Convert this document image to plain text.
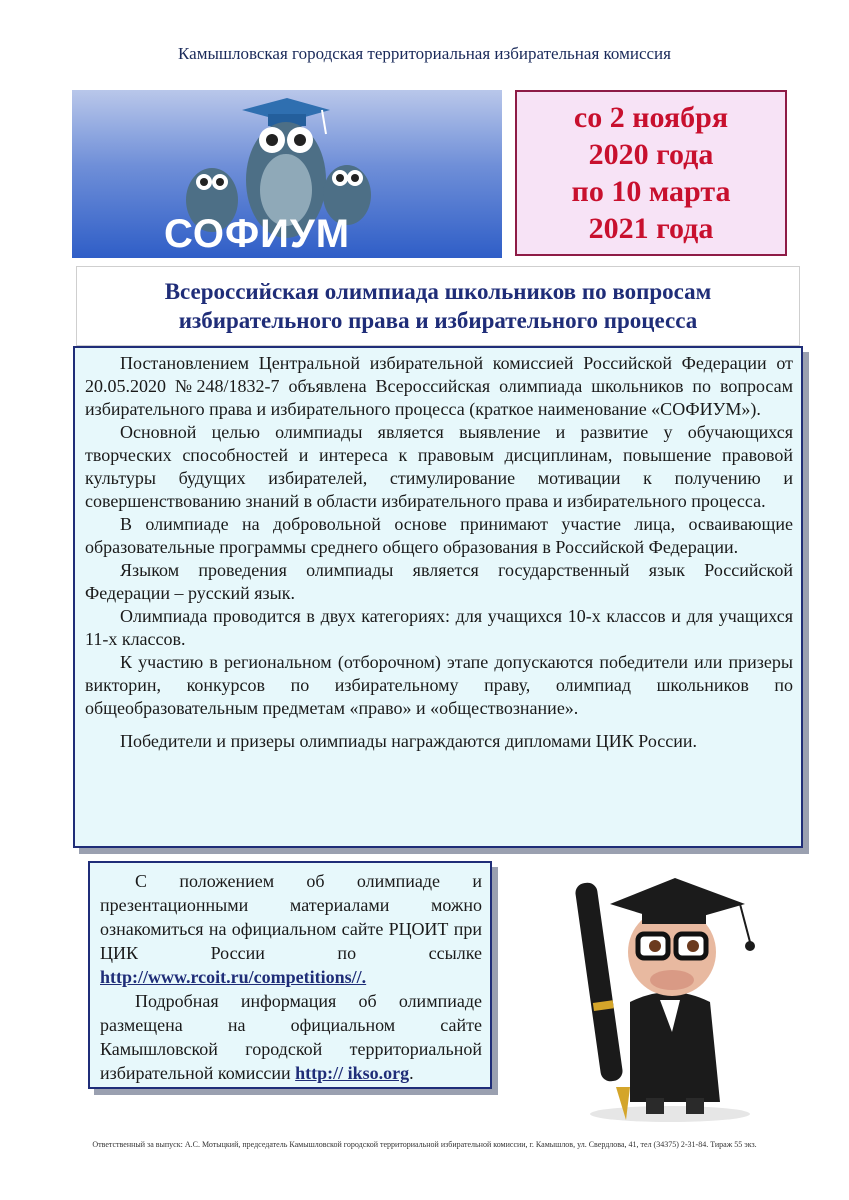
Камышловская городская территориальная избирательная комиссия
СОФИУМ
со 2 ноября
2020 года
по 10 марта
2021 года
Всероссийская олимпиада школьников по вопросам
избирательного права и избирательного процесса

Постановлением Центральной избирательной комиссией Российской Федерации от 20.05.2020 №248/1832-7 объявлена Всероссийская олимпиада школьников по вопросам избирательного права и избирательного процесса (краткое наименование «СОФИУМ»).

Основной целью олимпиады является выявление и развитие у обучающихся творческих способностей и интереса к правовым дисциплинам, повышение правовой культуры будущих избирателей, стимулирование мотивации к получению и совершенствованию знаний в области избирательного права и избирательного процесса.

В олимпиаде на добровольной основе принимают участие лица, осваивающие образовательные программы среднего общего образования в Российской Федерации.

Языком проведения олимпиады является государственный язык Российской Федерации – русский язык.

Олимпиада проводится в двух категориях: для учащихся 10-х классов и для учащихся 11-х классов.

К участию в региональном (отборочном) этапе допускаются победители или призеры викторин, конкурсов по избирательному праву, олимпиад школьников по общеобразовательным предметам «право» и «обществознание».

Победители и призеры олимпиады награждаются дипломами ЦИК России.

С положением об олимпиаде и презентационными материалами можно ознакомиться на официальном сайте РЦОИТ при ЦИК России по ссылке http://www.rcoit.ru/competitions//.

Подробная информация об олимпиаде размещена на официальном сайте Камышловской городской территориальной избирательной комиссии http:// ikso.org.

Ответственный за выпуск: А.С. Мотыцкий, председатель Камышловской городской территориальной избирательной комиссии, г. Камышлов, ул. Свердлова, 41, тел (34375) 2-31-84. Тираж 55 экз.
